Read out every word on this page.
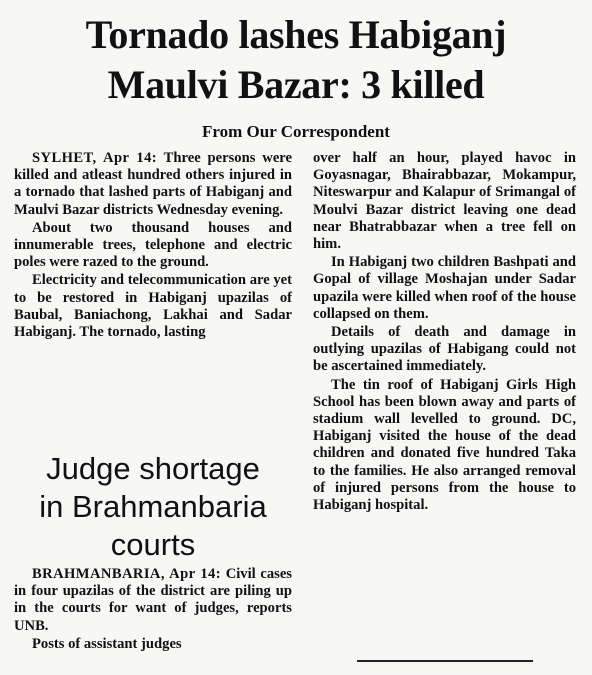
Tornado lashes Habiganj
Maulvi Bazar: 3 killed
From Our Correspondent

SYLHET, Apr 14: Three persons were killed and atleast hundred others injured in a tornado that lashed parts of Habiganj and Maulvi Bazar districts Wednesday evening.

About two thousand houses and innumerable trees, telephone and electric poles were razed to the ground.

Electricity and telecommunication are yet to be restored in Habiganj upazilas of Baubal, Baniachong, Lakhai and Sadar Habiganj. The tornado, lasting

Judge shortage
in Brahmanbaria
courts

BRAHMANBARIA, Apr 14: Civil cases in four upazilas of the district are piling up in the courts for want of judges, reports UNB.

Posts of assistant judges

over half an hour, played havoc in Goyasnagar, Bhairabbazar, Mokampur, Niteswarpur and Kalapur of Srimangal of Moulvi Bazar district leaving one dead near Bhatrabbazar when a tree fell on him.

In Habiganj two children Bashpati and Gopal of village Moshajan under Sadar upazila were killed when roof of the house collapsed on them.

Details of death and damage in outlying upazilas of Habigang could not be ascertained immediately.

The tin roof of Habiganj Girls High School has been blown away and parts of stadium wall levelled to ground. DC, Habiganj visited the house of the dead children and donated five hundred Taka to the families. He also arranged removal of injured persons from the house to Habiganj hospital.
